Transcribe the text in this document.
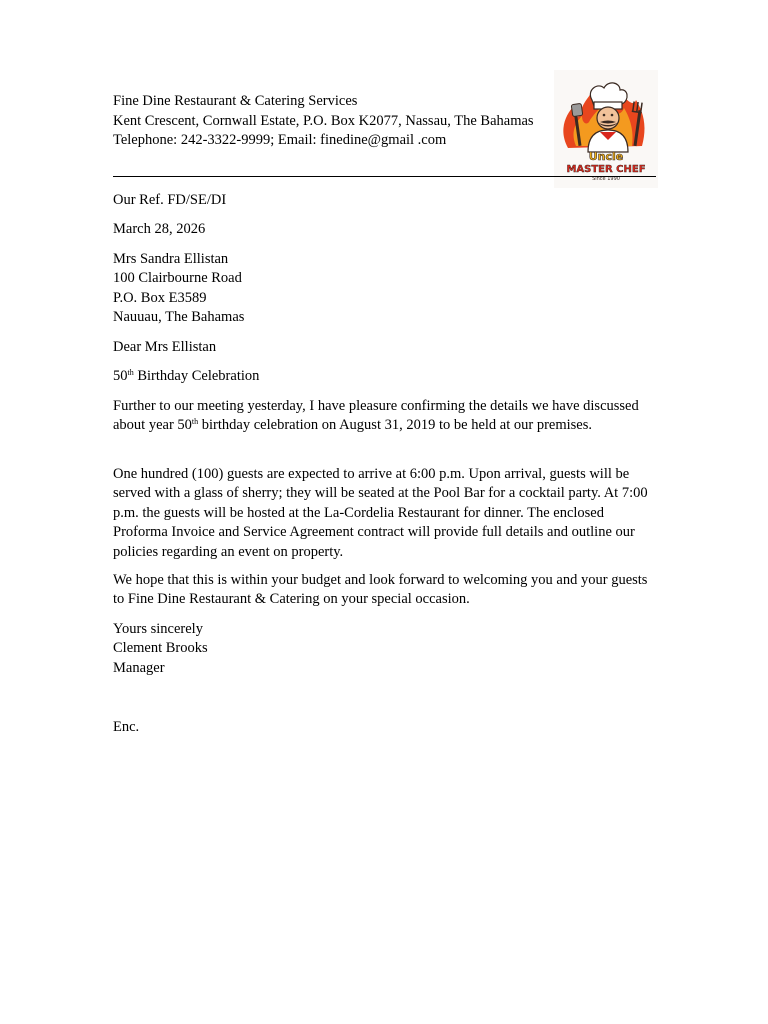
Fine Dine Restaurant & Catering Services
Kent Crescent, Cornwall Estate, P.O. Box K2077, Nassau, The Bahamas
Telephone: 242-3322-9999; Email: finedine@gmail .com
Uncle
MASTER CHEF
Since 1990

Our Ref. FD/SE/DI

March 28, 2026

Mrs Sandra Ellistan

100 Clairbourne Road

P.O. Box E3589

Nauuau, The Bahamas

Dear Mrs Ellistan

50th Birthday Celebration

Further to our meeting yesterday, I have pleasure confirming the details we have discussed about year 50th birthday celebration on August 31, 2019 to be held at our premises.

One hundred (100) guests are expected to arrive at 6:00 p.m. Upon arrival, guests will be served with a glass of sherry; they will be seated at the Pool Bar for a cocktail party. At 7:00 p.m. the guests will be hosted at the La-Cordelia Restaurant for dinner. The enclosed Proforma Invoice and Service Agreement contract will provide full details and outline our policies regarding an event on property.

We hope that this is within your budget and look forward to welcoming you and your guests to Fine Dine Restaurant & Catering on your special occasion.

Yours sincerely

Clement Brooks

Manager

Enc.
